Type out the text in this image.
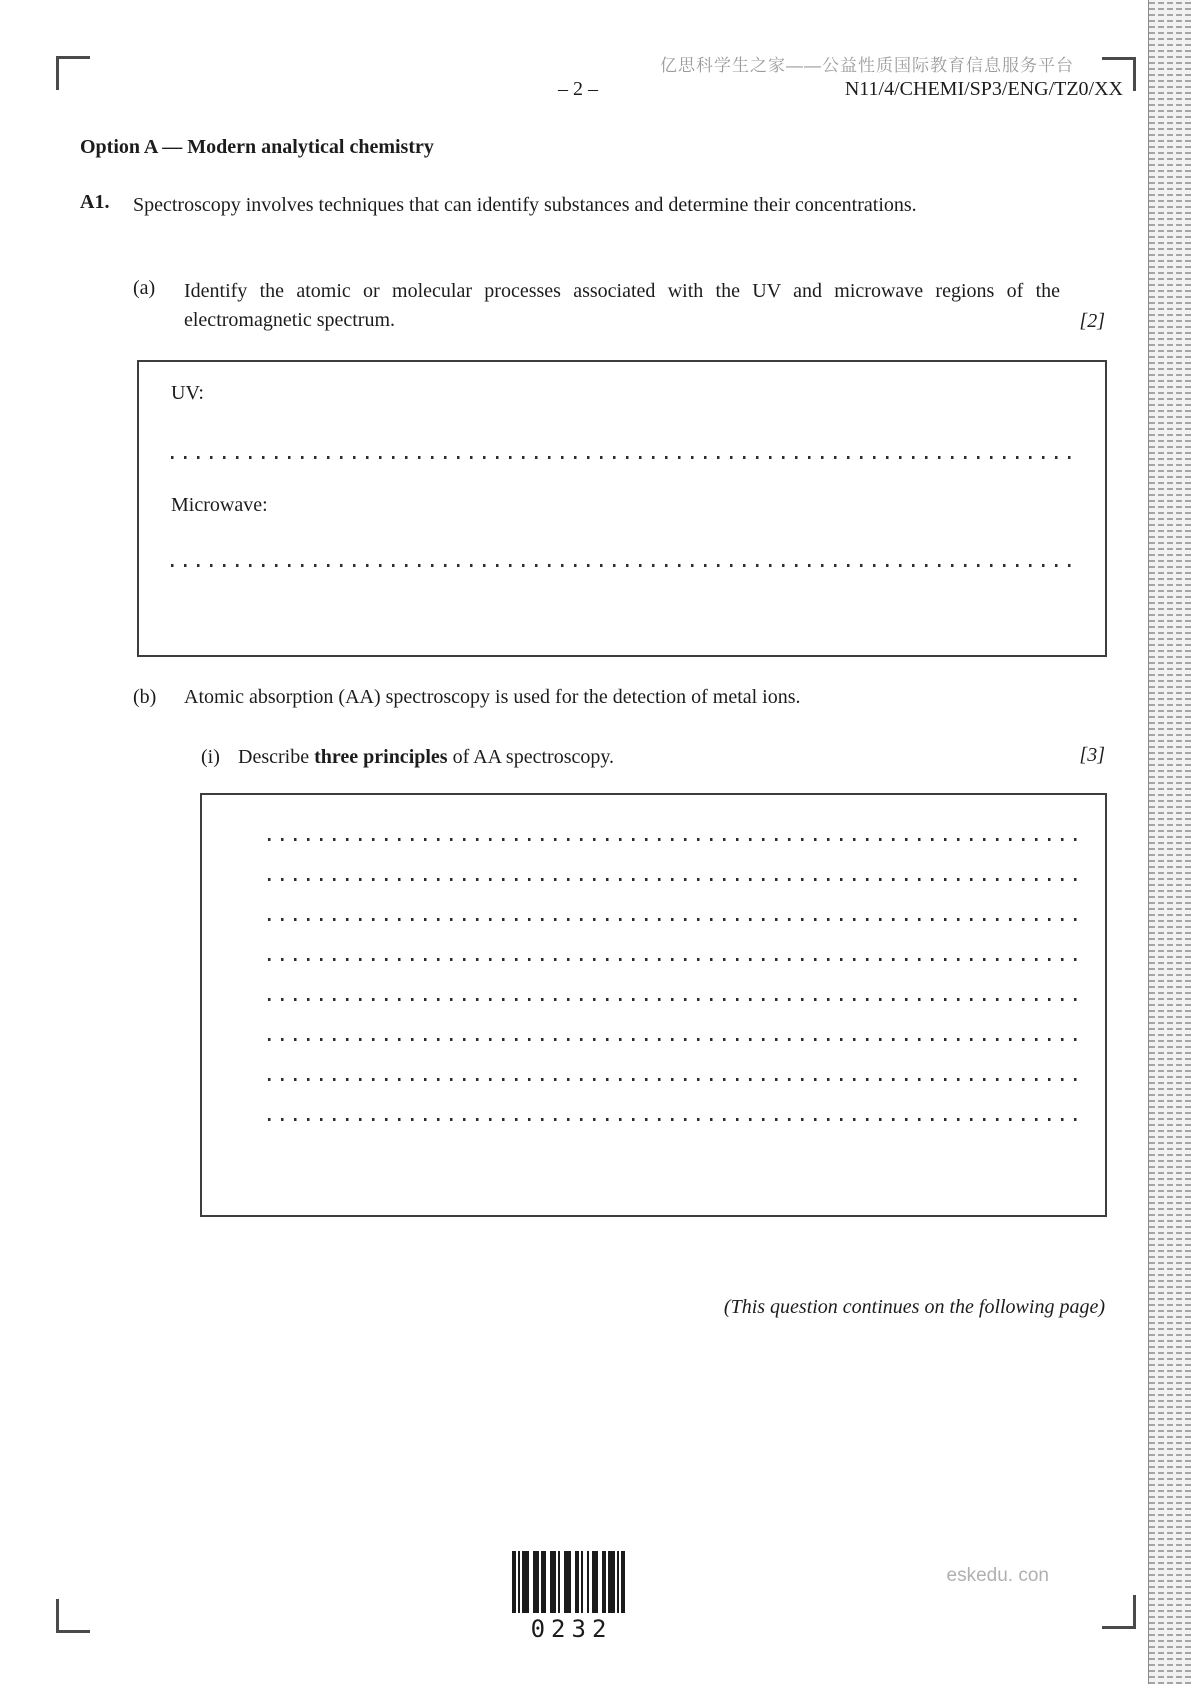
亿思科学生之家——公益性质国际教育信息服务平台
– 2 –	N11/4/CHEMI/SP3/ENG/TZ0/XX
Option A — Modern analytical chemistry
A1. Spectroscopy involves techniques that can identify substances and determine their concentrations.

(a) Identify the atomic or molecular processes associated with the UV and microwave regions of the electromagnetic spectrum.	[2]
UV:
Microwave:
(b) Atomic absorption (AA) spectroscopy is used for the detection of metal ions.

(i) Describe three principles of AA spectroscopy.	[3]
(This question continues on the following page)
0232
eskedu. con
